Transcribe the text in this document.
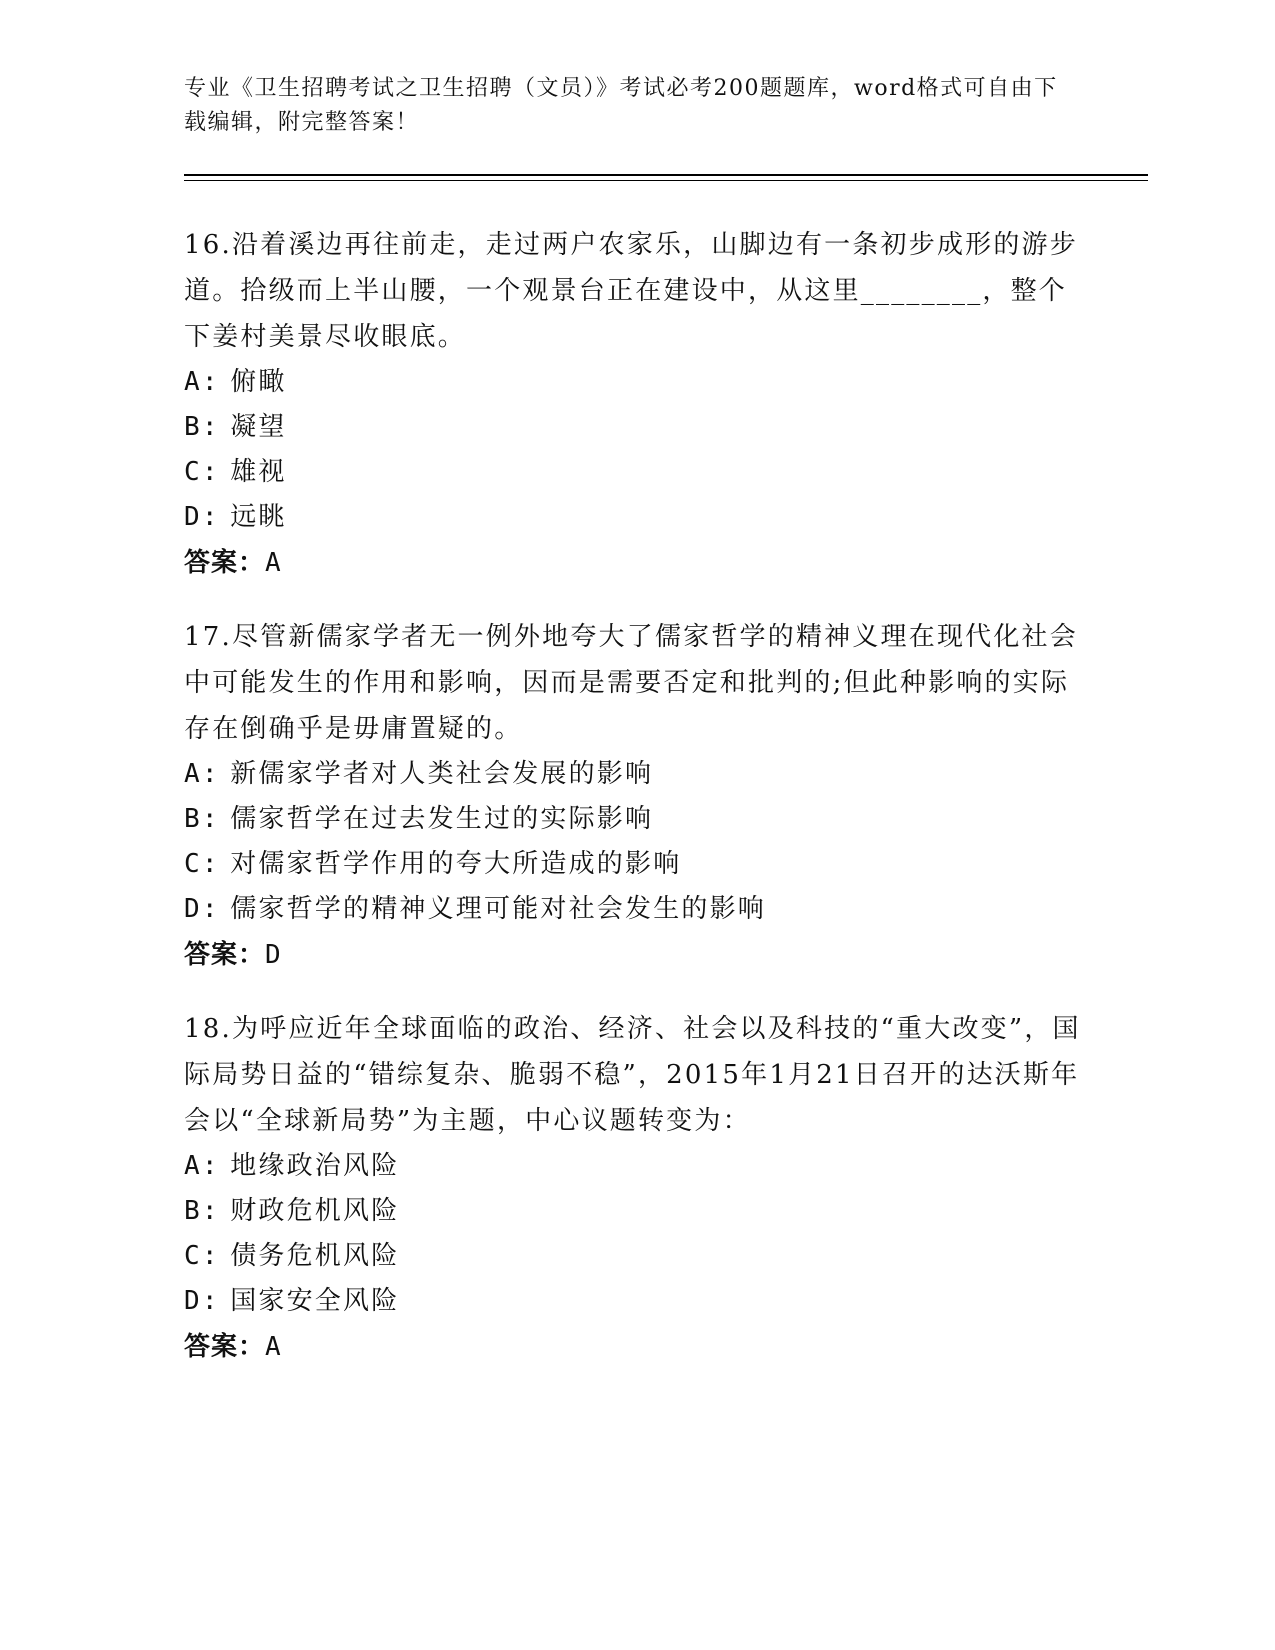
专业《卫生招聘考试之卫生招聘（文员）》考试必考200题题库，word格式可自由下载编辑，附完整答案！

16.沿着溪边再往前走，走过两户农家乐，山脚边有一条初步成形的游步道。拾级而上半山腰，一个观景台正在建设中，从这里________，整个下姜村美景尽收眼底。

A: 俯瞰

B: 凝望

C: 雄视

D: 远眺

答案：A

17.尽管新儒家学者无一例外地夸大了儒家哲学的精神义理在现代化社会中可能发生的作用和影响，因而是需要否定和批判的;但此种影响的实际存在倒确乎是毋庸置疑的。

A: 新儒家学者对人类社会发展的影响

B: 儒家哲学在过去发生过的实际影响

C: 对儒家哲学作用的夸大所造成的影响

D: 儒家哲学的精神义理可能对社会发生的影响

答案：D

18.为呼应近年全球面临的政治、经济、社会以及科技的“重大改变”，国际局势日益的“错综复杂、脆弱不稳”，2015年1月21日召开的达沃斯年会以“全球新局势”为主题，中心议题转变为：

A: 地缘政治风险

B: 财政危机风险

C: 债务危机风险

D: 国家安全风险

答案：A
